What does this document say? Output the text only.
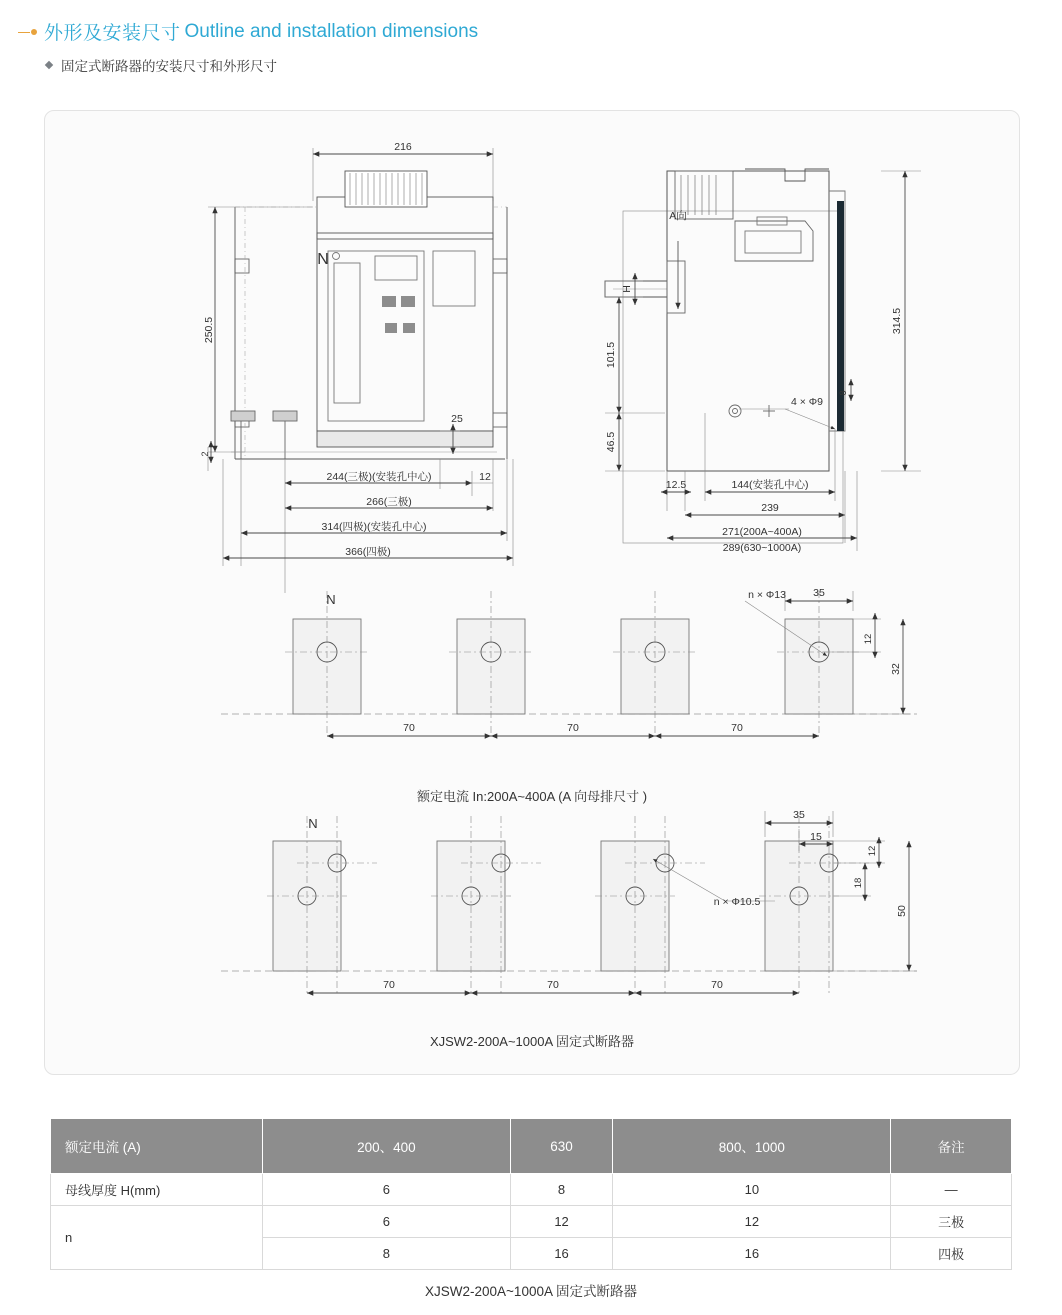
外形及安装尺寸 Outline and installation dimensions
固定式断路器的安装尺寸和外形尺寸
216
250.5
N
25
2
244(三极)(安装孔中心)	12
266(三极)
314(四极)(安装孔中心)
366(四极)
A向
H
101.5
46.5
12.5	144(安装孔中心)
239
271(200A~400A)
289(630~1000A)
314.5
8
4 × Φ9
N	n × Φ13	35
12
32
70	70	70
N
n × Φ10.5
35
15
12
18
50
70	70	70
额定电流 In:200A~400A (A 向母排尺寸 )
XJSW2-200A~1000A 固定式断路器
额定电流 (A)	200、400	630	800、1000	备注
母线厚度 H(mm)	6	8	10	—
n	6	12	12	三极
	8	16	16	四极
XJSW2-200A~1000A 固定式断路器
